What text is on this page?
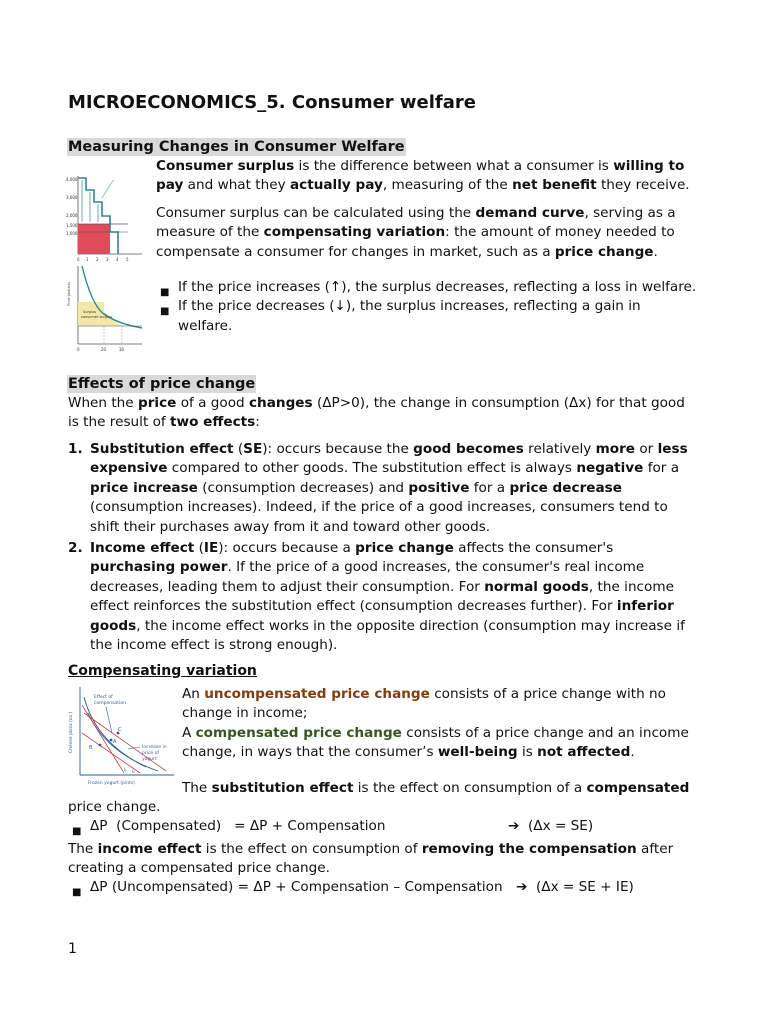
MICROECONOMICS_5. Consumer welfare
Measuring Changes in Consumer Welfare
4,000
3,000
2,000
1,500
1,000
0 1 2 3 4 5
Price (dollars)
Surplus
consumer surplus
0	20	30
Consumer surplus is the difference between what a consumer is willing to
pay and what they actually pay, measuring of the net benefit they receive.
Consumer surplus can be calculated using the demand curve, serving as a
measure of the compensating variation: the amount of money needed to
compensate a consumer for changes in market, such as a price change.
■ If the price increases (↑), the surplus decreases, reflecting a loss in welfare.
■ If the price decreases (↓), the surplus increases, reflecting a gain in
welfare.
Effects of price change
When the price of a good changes (ΔP>0), the change in consumption (Δx) for that good
is the result of two effects:
1. Substitution effect (SE): occurs because the good becomes relatively more or less
expensive compared to other goods. The substitution effect is always negative for a
price increase (consumption decreases) and positive for a price decrease
(consumption increases). Indeed, if the price of a good increases, consumers tend to
shift their purchases away from it and toward other goods.
2. Income effect (IE): occurs because a price change affects the consumer's
purchasing power. If the price of a good increases, the consumer's real income
decreases, leading them to adjust their consumption. For normal goods, the income
effect reinforces the substitution effect (consumption decreases further). For inferior
goods, the income effect works in the opposite direction (consumption may increase if
the income effect is strong enough).
Compensating variation
Cheese pizza (oz.)
Frozen yogurt (pints)
Effect of
compensation
Increase in
price of
yogurt
A
B
C
I₁ I₂
An uncompensated price change consists of a price change with no
change in income;
A compensated price change consists of a price change and an income
change, in ways that the consumer’s well-being is not affected.
The substitution effect is the effect on consumption of a compensated
price change.
■ ΔP  (Compensated)   = ΔP + Compensation	➔ (Δx = SE)
The income effect is the effect on consumption of removing the compensation after
creating a compensated price change.
■ ΔP (Uncompensated) = ΔP + Compensation – Compensation ➔ (Δx = SE + IE)
1
